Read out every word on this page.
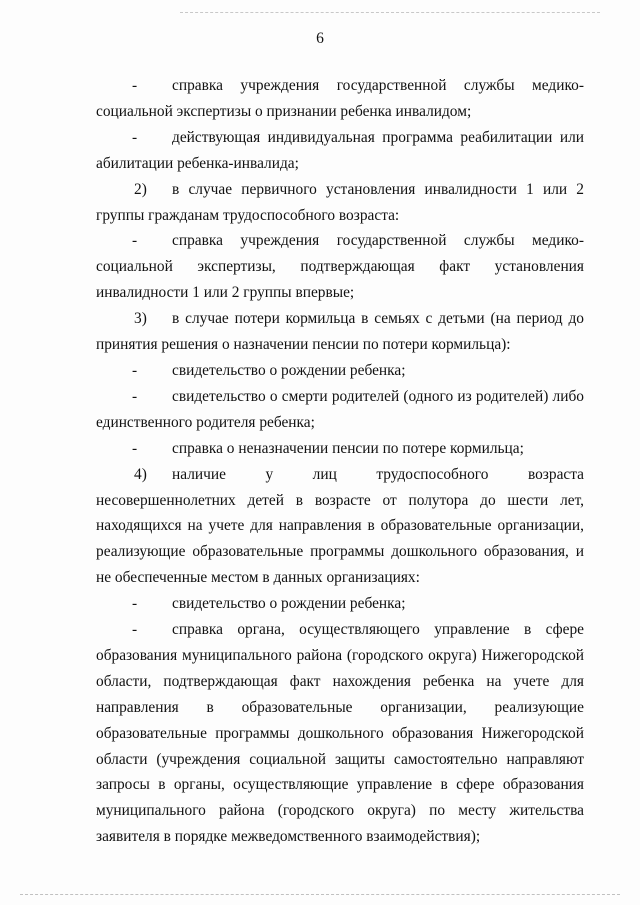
6

- справка учреждения государственной службы медико-социальной экспертизы о признании ребенка инвалидом;

- действующая индивидуальная программа реабилитации или абилитации ребенка-инвалида;

2) в случае первичного установления инвалидности 1 или 2 группы гражданам трудоспособного возраста:

- справка учреждения государственной службы медико-социальной экспертизы, подтверждающая факт установления инвалидности 1 или 2 группы впервые;

3) в случае потери кормильца в семьях с детьми (на период до принятия решения о назначении пенсии по потери кормильца):

- свидетельство о рождении ребенка;

- свидетельство о смерти родителей (одного из родителей) либо единственного родителя ребенка;

- справка о неназначении пенсии по потере кормильца;

4) наличие у лиц трудоспособного возраста несовершеннолетних детей в возрасте от полутора до шести лет, находящихся на учете для направления в образовательные организации, реализующие образовательные программы дошкольного образования, и не обеспеченные местом в данных организациях:

- свидетельство о рождении ребенка;

- справка органа, осуществляющего управление в сфере образования муниципального района (городского округа) Нижегородской области, подтверждающая факт нахождения ребенка на учете для направления в образовательные организации, реализующие образовательные программы дошкольного образования Нижегородской области (учреждения социальной защиты самостоятельно направляют запросы в органы, осуществляющие управление в сфере образования муниципального района (городского округа) по месту жительства заявителя в порядке межведомственного взаимодействия);
